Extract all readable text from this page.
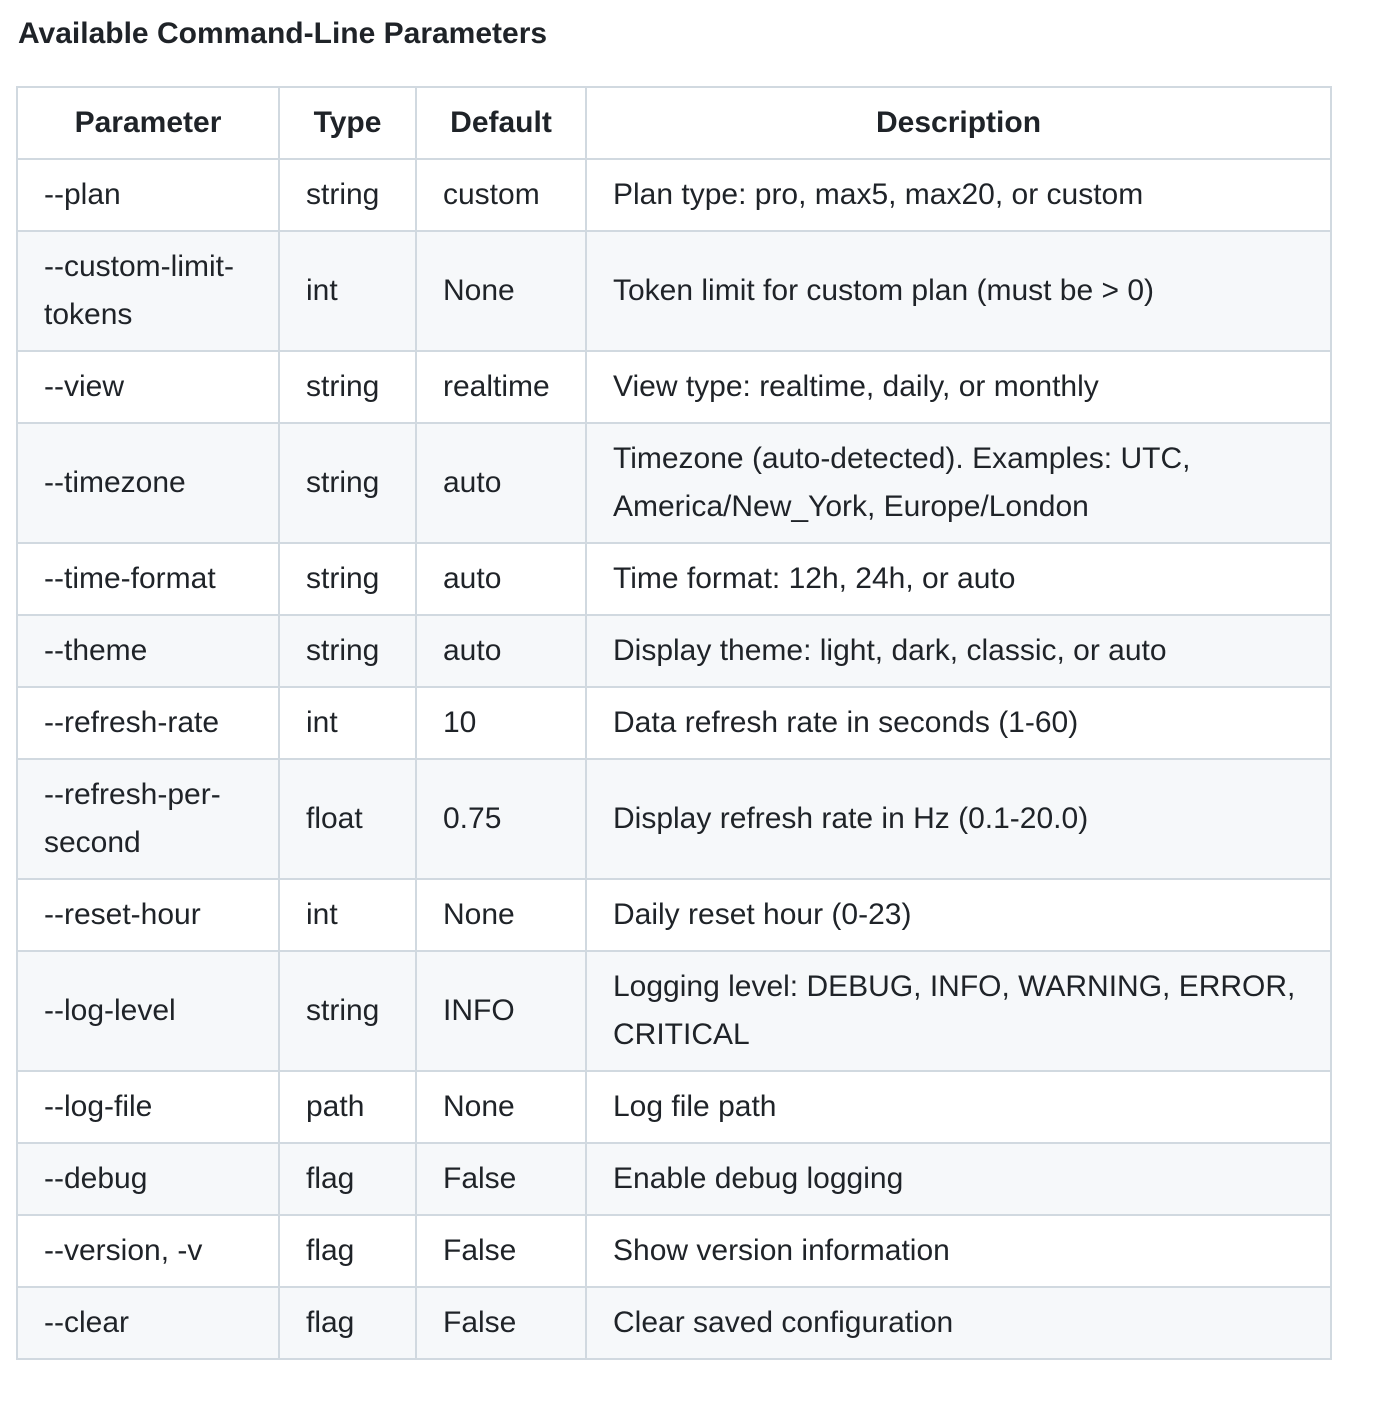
Available Command-Line Parameters
Parameter	Type	Default	Description
--plan	string	custom	Plan type: pro, max5, max20, or custom
--custom-limit-tokens	int	None	Token limit for custom plan (must be > 0)
--view	string	realtime	View type: realtime, daily, or monthly
--timezone	string	auto	Timezone (auto-detected). Examples: UTC, America/New_York, Europe/London
--time-format	string	auto	Time format: 12h, 24h, or auto
--theme	string	auto	Display theme: light, dark, classic, or auto
--refresh-rate	int	10	Data refresh rate in seconds (1-60)
--refresh-per-second	float	0.75	Display refresh rate in Hz (0.1-20.0)
--reset-hour	int	None	Daily reset hour (0-23)
--log-level	string	INFO	Logging level: DEBUG, INFO, WARNING, ERROR, CRITICAL
--log-file	path	None	Log file path
--debug	flag	False	Enable debug logging
--version, -v	flag	False	Show version information
--clear	flag	False	Clear saved configuration
